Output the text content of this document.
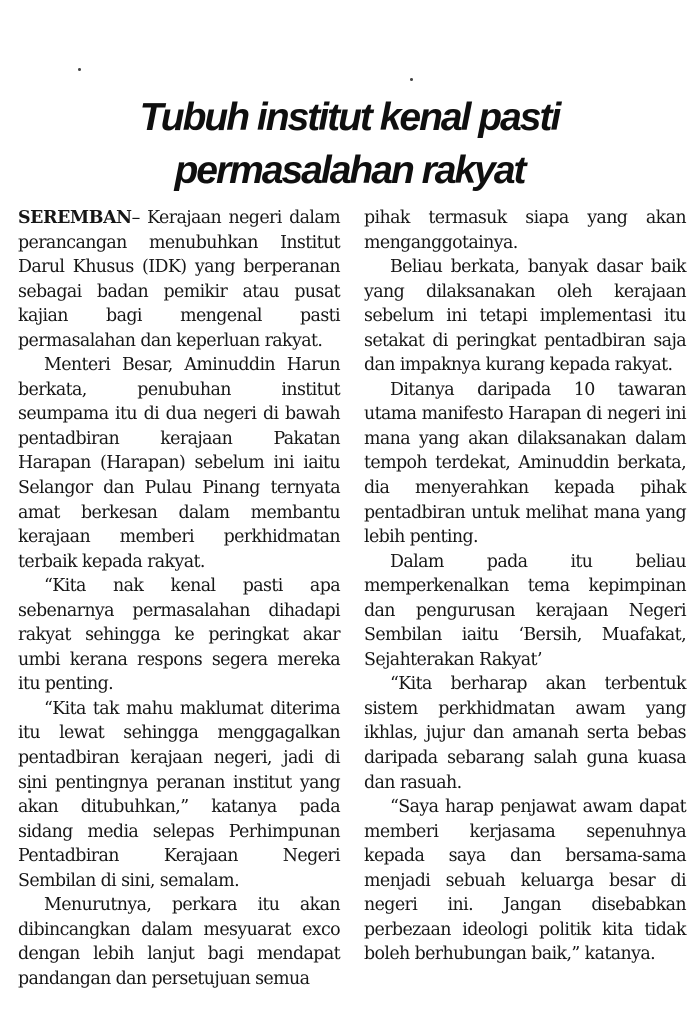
Tubuh institut kenal pasti
permasalahan rakyat

SEREMBAN– Kerajaan negeri dalam perancangan menubuhkan Institut Darul Khusus (IDK) yang berperanan sebagai badan pemikir atau pusat kajian bagi mengenal pasti permasalahan dan keperluan rakyat.

Menteri Besar, Aminuddin Harun berkata, penubuhan institut seumpama itu di dua negeri di bawah pentadbiran kerajaan Pakatan Harapan (Harapan) sebelum ini iaitu Selangor dan Pulau Pinang ternyata amat berkesan dalam membantu kerajaan memberi perkhidmatan terbaik kepada rakyat.

“Kita nak kenal pasti apa sebenarnya permasalahan dihadapi rakyat sehingga ke peringkat akar umbi kerana respons segera mereka itu penting.

“Kita tak mahu maklumat diterima itu lewat sehingga menggagalkan pentadbiran kerajaan negeri, jadi di sini pentingnya peranan institut yang akan ditubuhkan,” katanya pada sidang media selepas Perhimpunan Pentadbiran Kerajaan Negeri Sembilan di sini, semalam.

Menurutnya, perkara itu akan dibincangkan dalam mesyuarat exco dengan lebih lanjut bagi mendapat pandangan dan persetujuan semua

pihak termasuk siapa yang akan menganggotainya.

Beliau berkata, banyak dasar baik yang dilaksanakan oleh kerajaan sebelum ini tetapi implementasi itu setakat di peringkat pentadbiran saja dan impaknya kurang kepada rakyat.

Ditanya daripada 10 tawaran utama manifesto Harapan di negeri ini mana yang akan dilaksanakan dalam tempoh terdekat, Aminuddin berkata, dia menyerahkan kepada pihak pentadbiran untuk melihat mana yang lebih penting.

Dalam pada itu beliau memperkenalkan tema kepimpinan dan pengurusan kerajaan Negeri Sembilan iaitu ‘Bersih, Muafakat, Sejahterakan Rakyat’

“Kita berharap akan terbentuk sistem perkhidmatan awam yang ikhlas, jujur dan amanah serta bebas daripada sebarang salah guna kuasa dan rasuah.

“Saya harap penjawat awam dapat memberi kerjasama sepenuhnya kepada saya dan bersama-sama menjadi sebuah keluarga besar di negeri ini. Jangan disebabkan perbezaan ideologi politik kita tidak boleh berhubungan baik,” katanya.
